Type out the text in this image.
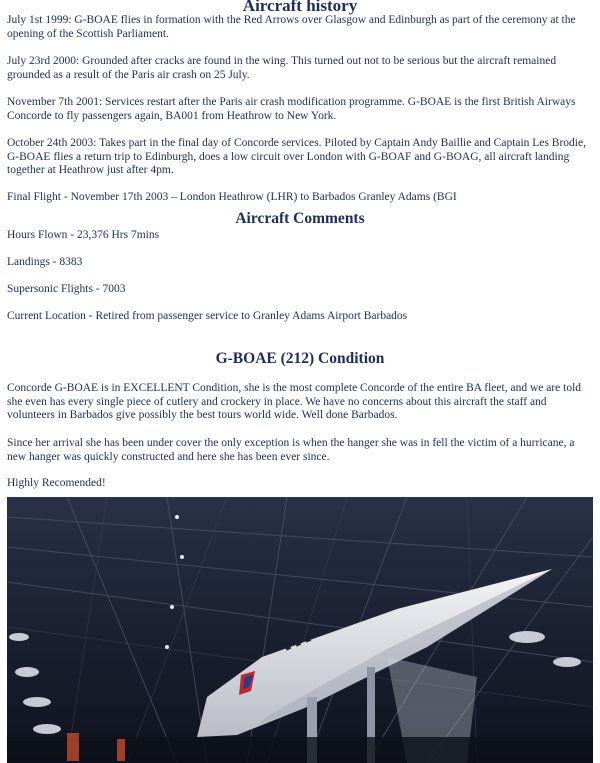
Aircraft history

July 1st 1999: G-BOAE flies in formation with the Red Arrows over Glasgow and Edinburgh as part of the ceremony at the opening of the Scottish Parliament.

July 23rd 2000: Grounded after cracks are found in the wing. This turned out not to be serious but the aircraft remained grounded as a result of the Paris air crash on 25 July.

November 7th 2001: Services restart after the Paris air crash modification programme. G-BOAE is the first British Airways Concorde to fly passengers again, BA001 from Heathrow to New York.

October 24th 2003: Takes part in the final day of Concorde services. Piloted by Captain Andy Baillie and Captain Les Brodie, G-BOAE flies a return trip to Edinburgh, does a low circuit over London with G-BOAF and G-BOAG, all aircraft landing together at Heathrow just after 4pm.

Final Flight - November 17th 2003 – London Heathrow (LHR) to Barbados Granley Adams (BGI

Aircraft Comments

Hours Flown - 23,376 Hrs 7mins

Landings - 8383

Supersonic Flights - 7003

Current Location - Retired from passenger service to Granley Adams Airport Barbados

G-BOAE (212) Condition

Concorde G-BOAE is in EXCELLENT Condition, she is the most complete Concorde of the entire BA fleet, and we are told she even has every single piece of cutlery and crockery in place. We have no concerns about this aircraft the staff and volunteers in Barbados give possibly the best tours world wide. Well done Barbados.

Since her arrival she has been under cover the only exception is when the hanger she was in fell the victim of a hurricane, a new hanger was quickly constructed and here she has been ever since.

Highly Recomended!
